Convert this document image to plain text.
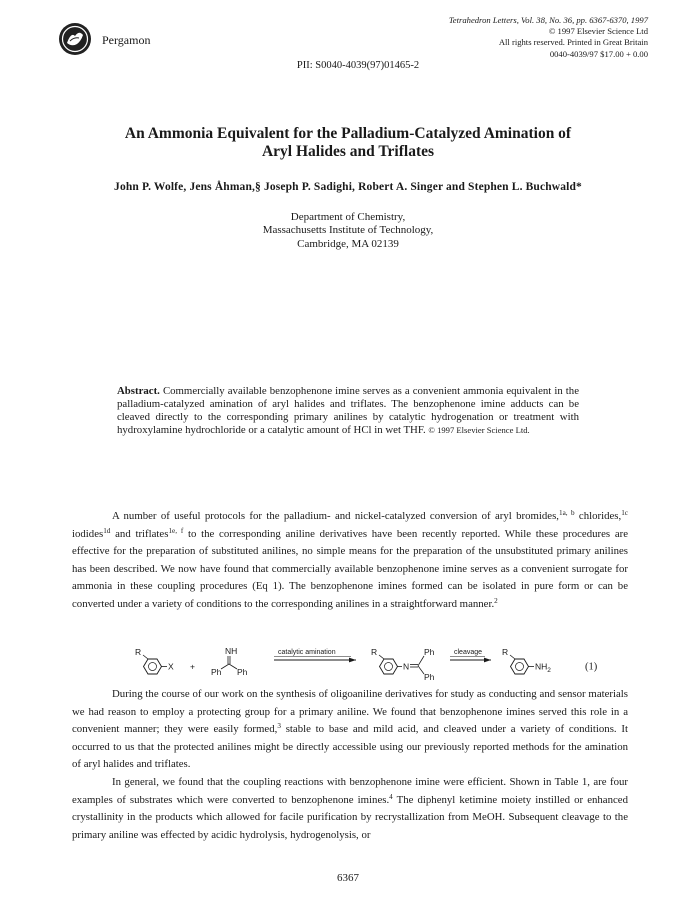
Pergamon
Tetrahedron Letters, Vol. 38, No. 36, pp. 6367-6370, 1997
© 1997 Elsevier Science Ltd
All rights reserved. Printed in Great Britain
0040-4039/97 $17.00 + 0.00
PII: S0040-4039(97)01465-2
An Ammonia Equivalent for the Palladium-Catalyzed Amination of
Aryl Halides and Triflates
John P. Wolfe, Jens Åhman,§ Joseph P. Sadighi, Robert A. Singer and Stephen L. Buchwald*
Department of Chemistry,
Massachusetts Institute of Technology,
Cambridge, MA 02139
Abstract. Commercially available benzophenone imine serves as a convenient ammonia equivalent in the palladium-catalyzed amination of aryl halides and triflates. The benzophenone imine adducts can be cleaved directly to the corresponding primary anilines by catalytic hydrogenation or treatment with hydroxylamine hydrochloride or a catalytic amount of HCl in wet THF. © 1997 Elsevier Science Ltd.

A number of useful protocols for the palladium- and nickel-catalyzed conversion of aryl bromides,$^{1a, b}$ chlorides,$^{1c}$ iodides$^{1d}$ and triflates$^{1e, f}$ to the corresponding aniline derivatives have been recently reported. While these procedures are effective for the preparation of substituted anilines, no simple means for the preparation of the unsubstituted primary anilines has been described. We now have found that commercially available benzophenone imine serves as a convenient surrogate for ammonia in these coupling procedures (Eq 1). The benzophenone imines formed can be isolated in pure form or can be converted under a variety of conditions to the corresponding anilines in a straightforward manner.$^2$

R
X +
NH
Ph Ph
catalytic amination	R
N
Ph
Ph
cleavage R
$NH_2$	(1)

During the course of our work on the synthesis of oligoaniline derivatives for study as conducting and sensor materials we had reason to employ a protecting group for a primary aniline. We found that benzophenone imines served this role in a convenient manner; they were easily formed,$^3$ stable to base and mild acid, and cleaved under a variety of conditions. It occurred to us that the protected anilines might be directly accessible using our previously reported methods for the amination of aryl halides and triflates.

In general, we found that the coupling reactions with benzophenone imine were efficient. Shown in Table 1, are four examples of substrates which were converted to benzophenone imines.$^4$ The diphenyl ketimine moiety instilled or enhanced crystallinity in the products which allowed for facile purification by recrystallization from MeOH. Subsequent cleavage to the primary aniline was effected by acidic hydrolysis, hydrogenolysis, or

6367
